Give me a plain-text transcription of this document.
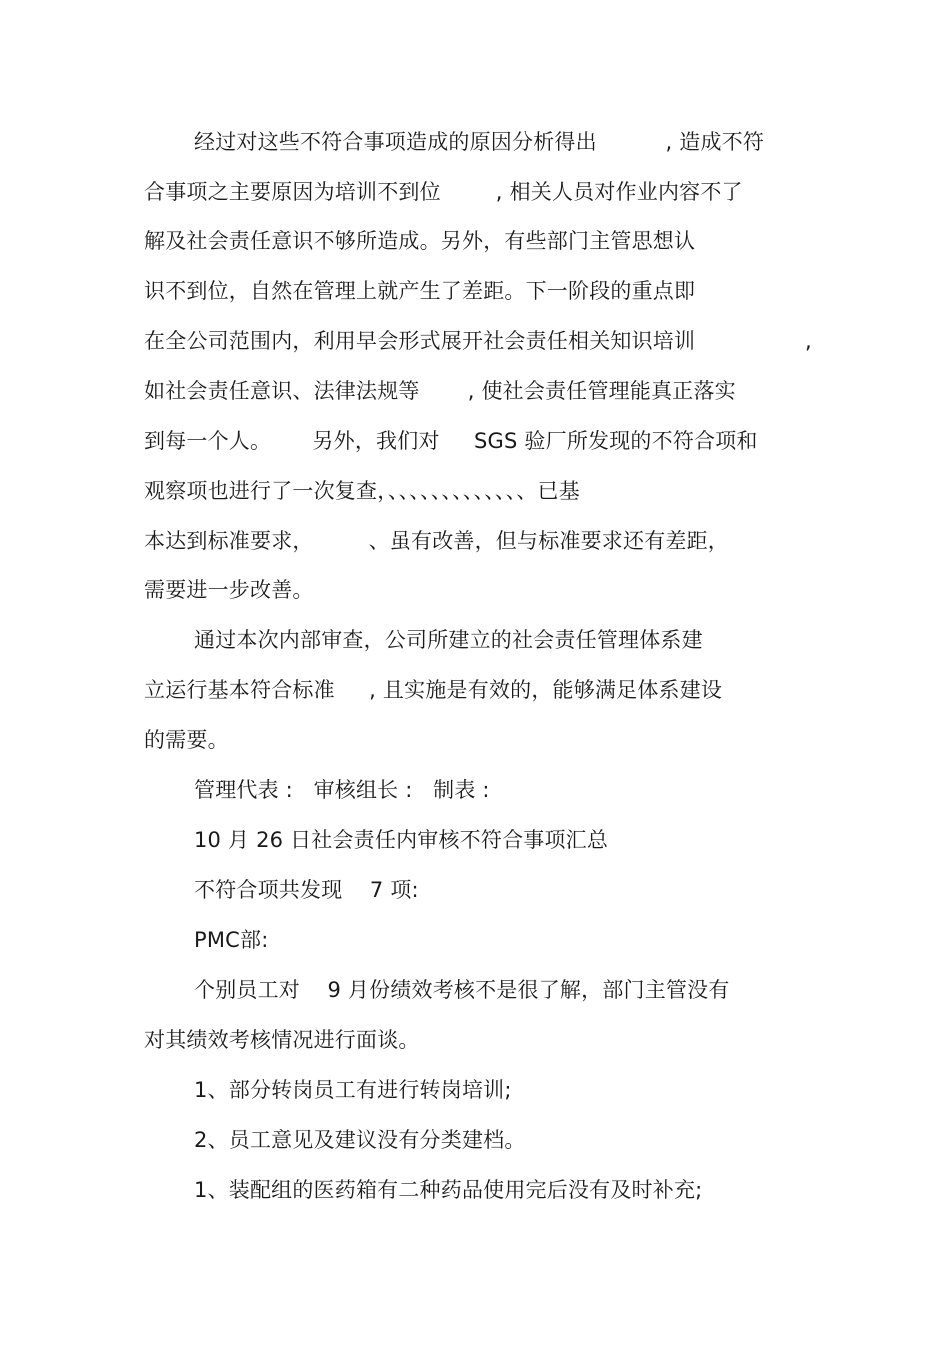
经过对这些不符合事项造成的原因分析得出          , 造成不符

合事项之主要原因为培训不到位        , 相关人员对作业内容不了

解及社会责任意识不够所造成。另外，有些部门主管思想认

识不到位，自然在管理上就产生了差距。下一阶段的重点即

在全公司范围内，利用早会形式展开社会责任相关知识培训	,

如社会责任意识、法律法规等       , 使社会责任管理能真正落实

到每一个人。      另外，我们对     SGS 验厂所发现的不符合项和

观察项也进行了一次复查，、、、、、、、、、、、、、已基

本达到标准要求，        、虽有改善，但与标准要求还有差距，

需要进一步改善。

通过本次内部审查，公司所建立的社会责任管理体系建

立运行基本符合标准     , 且实施是有效的，能够满足体系建设

的需要。

管理代表 :   审核组长 :   制表 :

10 月 26 日社会责任内审核不符合事项汇总

不符合项共发现    7 项:

PMC部:

个别员工对    9 月份绩效考核不是很了解，部门主管没有

对其绩效考核情况进行面谈。

1、部分转岗员工有进行转岗培训;

2、员工意见及建议没有分类建档。

1、装配组的医药箱有二种药品使用完后没有及时补充;
